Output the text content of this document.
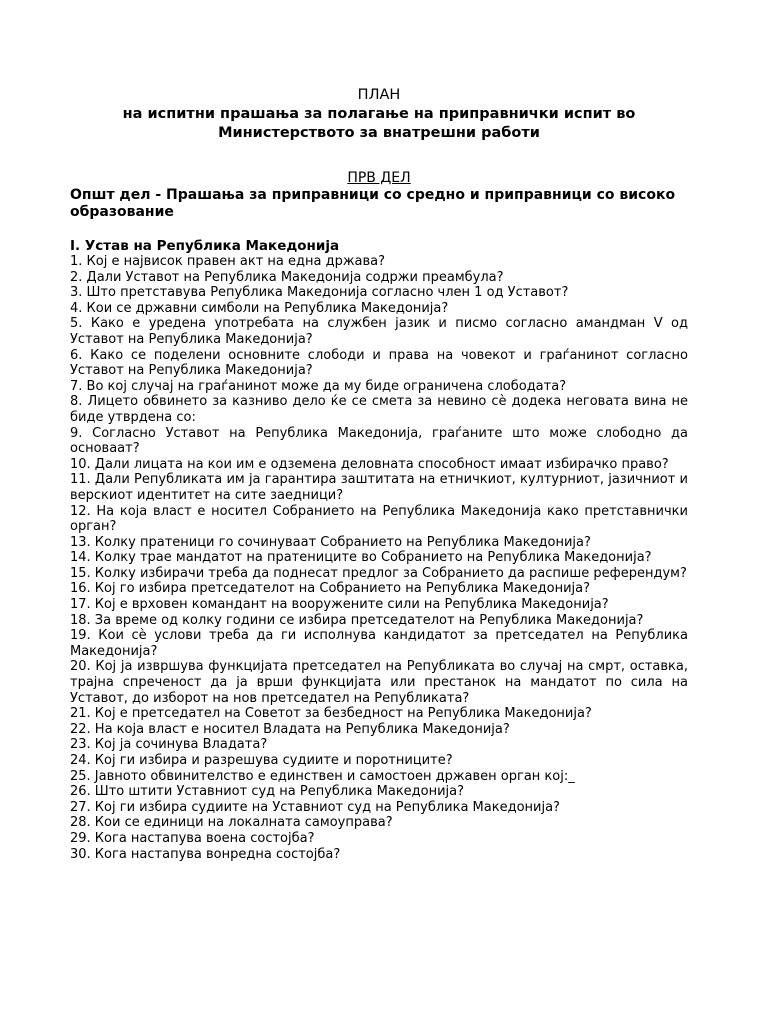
ПЛАН
на испитни прашања за полагање на приправнички испит во
Министерството за внатрешни работи
ПРВ ДЕЛ
Општ дел - Прашања за приправници со средно и приправници со високо образование
I. Устав на Република Македонија
1. Кој е највисок правен акт на една држава?
2. Дали Уставот на Република Македонија содржи преамбула?
3. Што претставува Република Македонија согласно член 1 од Уставот?
4. Кои се државни симболи на Република Македонија?
5. Како е уредена употребата на службен јазик и писмо согласно амандман V од Уставот на Република Македонија?
6. Како се поделени основните слободи и права на човекот и граѓанинот согласно Уставот на Република Македонија?
7. Во кој случај на граѓанинот може да му биде ограничена слободата?
8. Лицето обвинето за казниво дело ќе се смета за невино сè додека неговата вина не биде утврдена со:
9. Согласно Уставот на Република Македонија, граѓаните што може слободно да основаат?
10. Дали лицата на кои им е одземена деловната способност имаат избирачко право?
11. Дали Републиката им ја гарантира заштитата на етничкиот, културниот, јазичниот и верскиот идентитет на сите заедници?
12. На која власт е носител Собранието на Република Македонија како претставнички орган?
13. Колку пратеници го сочинуваат Собранието на Република Македонија?
14. Колку трае мандатот на пратениците во Собранието на Република Македонија?
15. Колку избирачи треба да поднесат предлог за Собранието да распише референдум?
16. Кој го избира претседателот на Собранието на Република Македонија?
17. Кој е врховен командант на вооружените сили на Република Македонија?
18. За време од колку години се избира претседателот на Република Македонија?
19. Кои сè услови треба да ги исполнува кандидатот за претседател на Република Македонија?
20. Кој ја извршува функцијата претседател на Републиката во случај на смрт, оставка, трајна спреченост да ја врши функцијата или престанок на мандатот по сила на Уставот, до изборот на нов претседател на Републиката?
21. Кој е претседател на Советот за безбедност на Република Македонија?
22. На која власт е носител Владата на Република Македонија?
23. Кој ја сочинува Владата?
24. Кој ги избира и разрешува судиите и поротниците?
25. Јавното обвинителство е единствен и самостоен државен орган кој:_
26. Што штити Уставниот суд на Република Македонија?
27. Кој ги избира судиите на Уставниот суд на Република Македонија?
28. Кои се единици на локалната самоуправа?
29. Кога настапува воена состојба?
30. Кога настапува вонредна состојба?
